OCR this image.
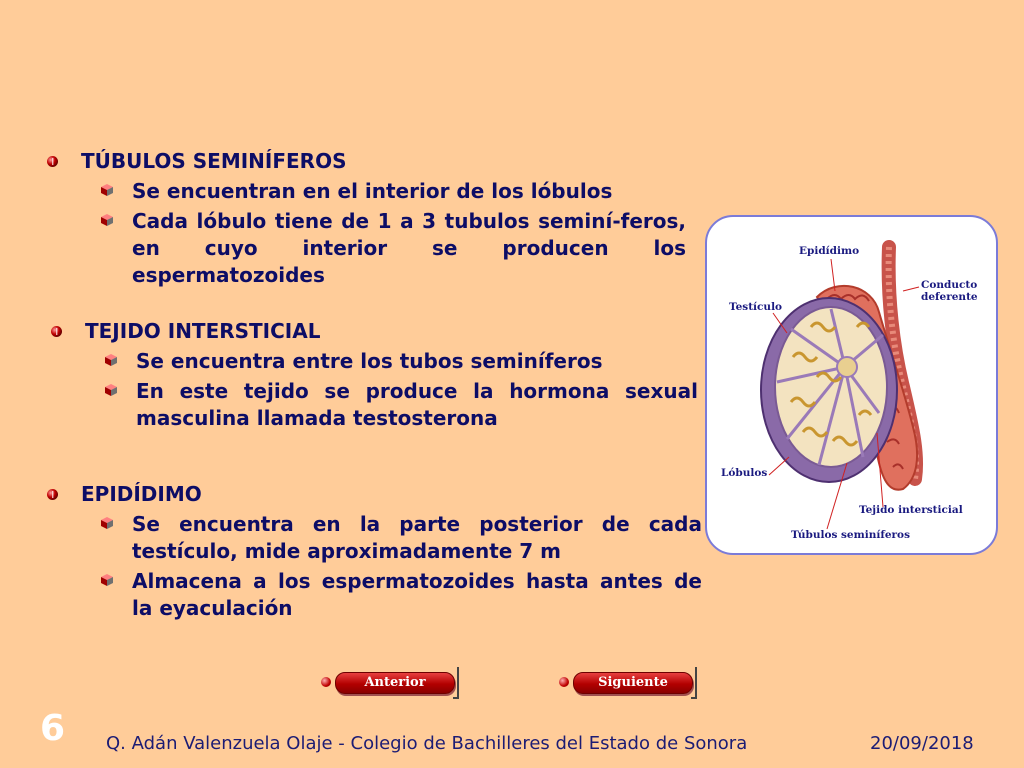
TÚBULOS SEMINÍFEROS
Se encuentran en el interior de los lóbulos
Cada lóbulo tiene de 1 a 3 tubulos seminí-feros, en cuyo interior se producen los espermatozoides
TEJIDO INTERSTICIAL
Se encuentra entre los tubos seminíferos
En este tejido se produce la hormona sexual masculina llamada testosterona
EPIDÍDIMO
Se encuentra en la parte posterior de cada testículo, mide aproximadamente 7 m
Almacena a los espermatozoides hasta antes de la eyaculación
Epidídimo
Conducto deferente
Testículo
Lóbulos
Tejido intersticial
Túbulos seminíferos
Anterior	Siguiente
6 Q. Adán Valenzuela Olaje - Colegio de Bachilleres del Estado de Sonora	20/09/2018
